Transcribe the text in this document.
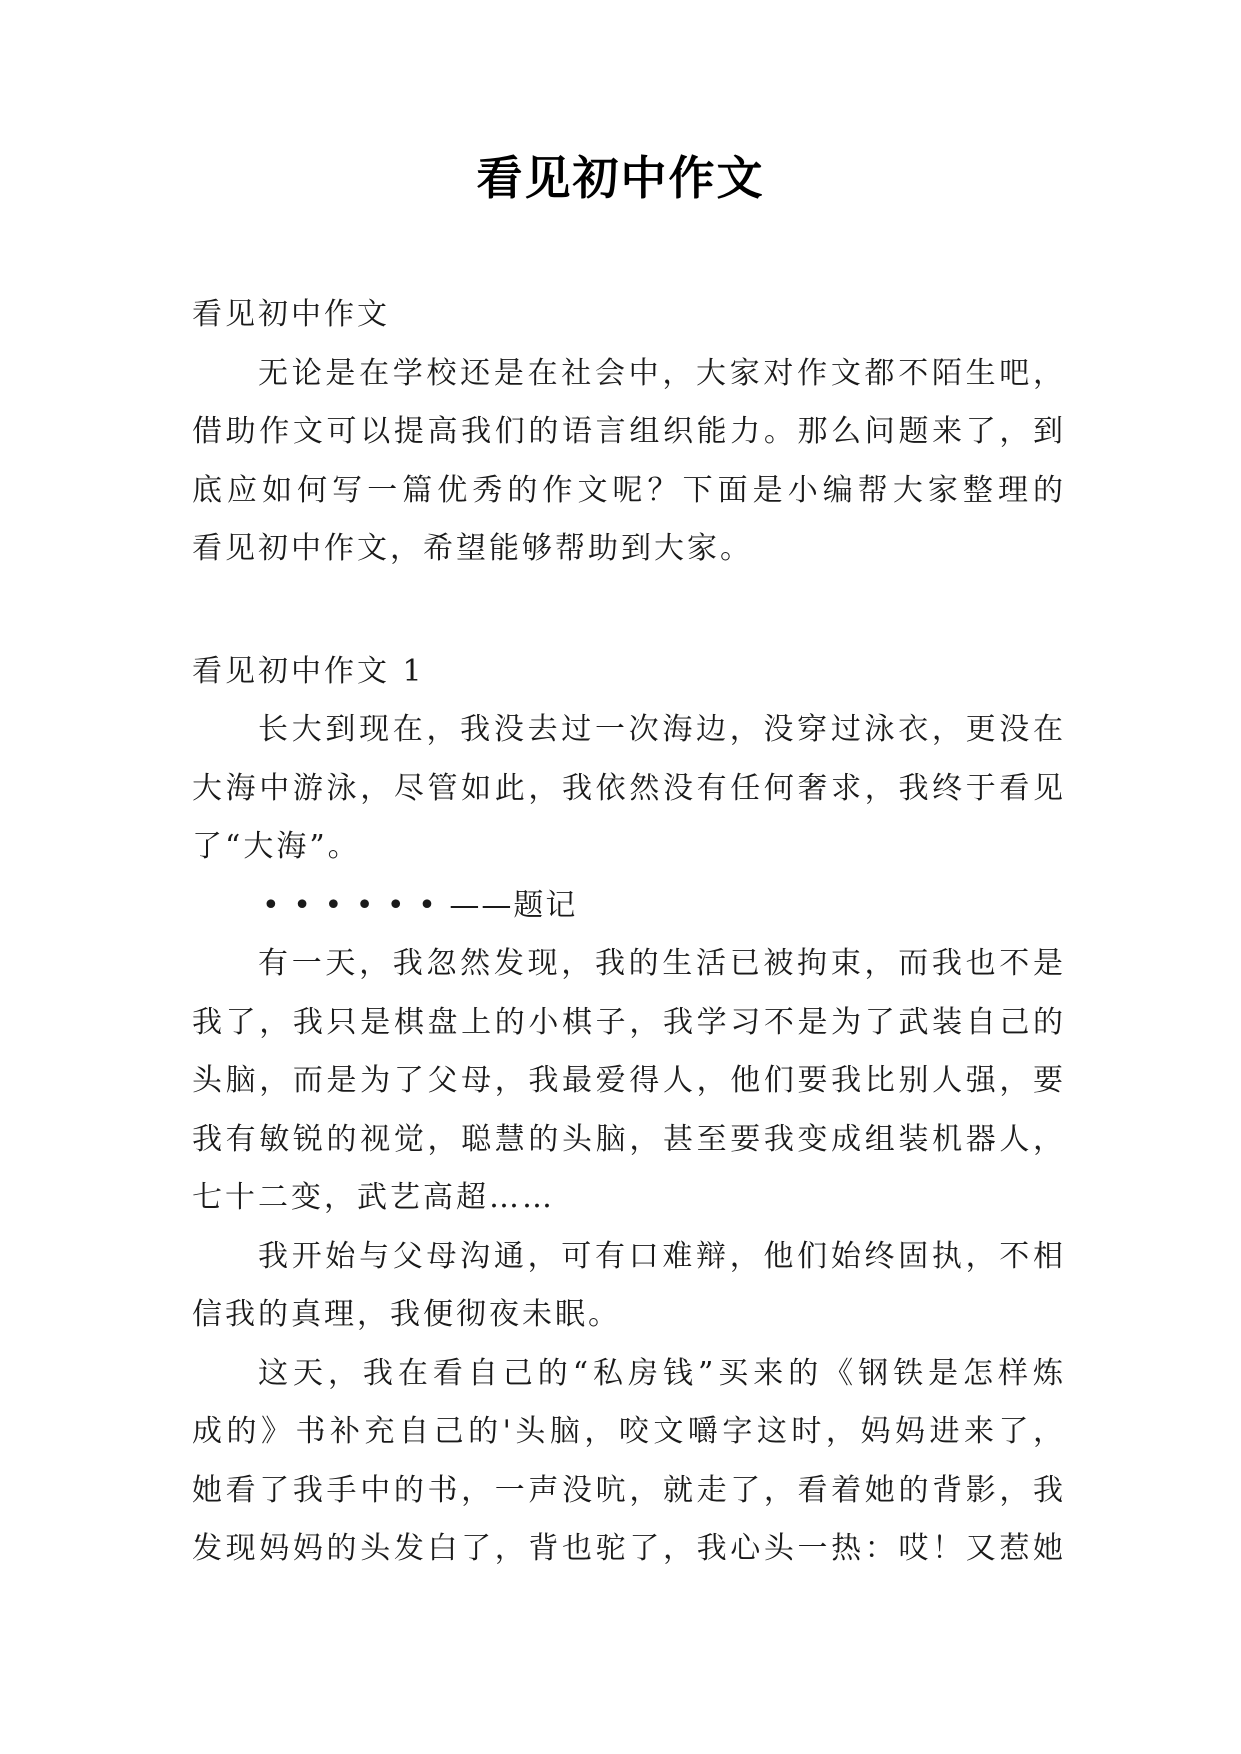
看见初中作文
看见初中作文
无论是在学校还是在社会中，大家对作文都不陌生吧，
借助作文可以提高我们的语言组织能力。那么问题来了，到
底应如何写一篇优秀的作文呢？下面是小编帮大家整理的
看见初中作文，希望能够帮助到大家。
看见初中作文 1
长大到现在，我没去过一次海边，没穿过泳衣，更没在
大海中游泳，尽管如此，我依然没有任何奢求，我终于看见
了“大海”。
• • • • • • ——题记
有一天，我忽然发现，我的生活已被拘束，而我也不是
我了，我只是棋盘上的小棋子，我学习不是为了武装自己的
头脑，而是为了父母，我最爱得人，他们要我比别人强，要
我有敏锐的视觉，聪慧的头脑，甚至要我变成组装机器人，
七十二变，武艺高超……
我开始与父母沟通，可有口难辩，他们始终固执，不相
信我的真理，我便彻夜未眠。
这天，我在看自己的“私房钱”买来的《钢铁是怎样炼
成的》书补充自己的'头脑，咬文嚼字这时，妈妈进来了，
她看了我手中的书，一声没吭，就走了，看着她的背影，我
发现妈妈的头发白了，背也驼了，我心头一热：哎！又惹她
